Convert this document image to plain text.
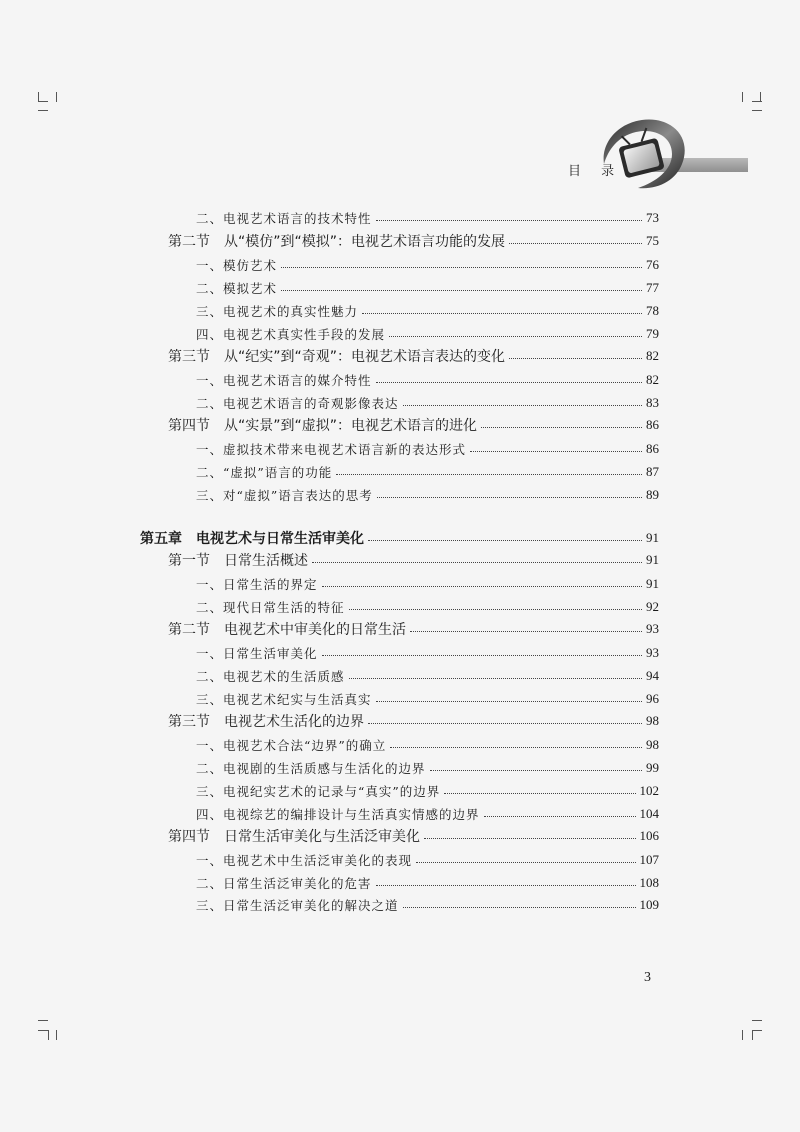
目 录
二、电视艺术语言的技术特性	73
第二节　从“模仿”到“模拟”：电视艺术语言功能的发展	75
一、模仿艺术	76
二、模拟艺术	77
三、电视艺术的真实性魅力	78
四、电视艺术真实性手段的发展	79
第三节　从“纪实”到“奇观”：电视艺术语言表达的变化	82
一、电视艺术语言的媒介特性	82
二、电视艺术语言的奇观影像表达	83
第四节　从“实景”到“虚拟”：电视艺术语言的进化	86
一、虚拟技术带来电视艺术语言新的表达形式	86
二、“虚拟”语言的功能	87
三、对“虚拟”语言表达的思考	89
第五章　电视艺术与日常生活审美化	91
第一节　日常生活概述	91
一、日常生活的界定	91
二、现代日常生活的特征	92
第二节　电视艺术中审美化的日常生活	93
一、日常生活审美化	93
二、电视艺术的生活质感	94
三、电视艺术纪实与生活真实	96
第三节　电视艺术生活化的边界	98
一、电视艺术合法“边界”的确立	98
二、电视剧的生活质感与生活化的边界	99
三、电视纪实艺术的记录与“真实”的边界	102
四、电视综艺的编排设计与生活真实情感的边界	104
第四节　日常生活审美化与生活泛审美化	106
一、电视艺术中生活泛审美化的表现	107
二、日常生活泛审美化的危害	108
三、日常生活泛审美化的解决之道	109
3
